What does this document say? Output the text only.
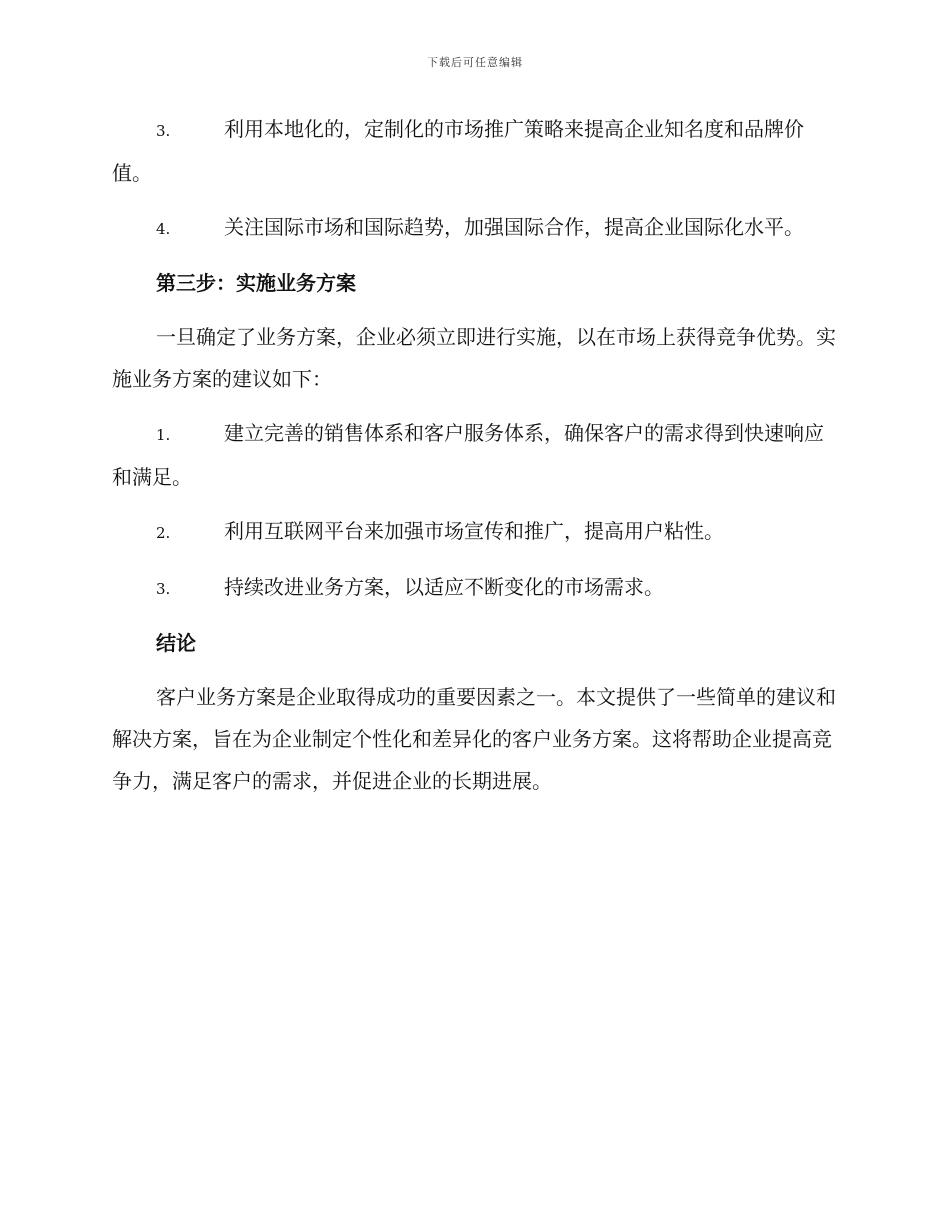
下载后可任意编辑

3.	利用本地化的，定制化的市场推广策略来提高企业知名度和品牌价值。

4.	关注国际市场和国际趋势，加强国际合作，提高企业国际化水平。

第三步：实施业务方案

一旦确定了业务方案，企业必须立即进行实施，以在市场上获得竞争优势。实施业务方案的建议如下：

1.	建立完善的销售体系和客户服务体系，确保客户的需求得到快速响应和满足。

2.	利用互联网平台来加强市场宣传和推广，提高用户粘性。

3.	持续改进业务方案，以适应不断变化的市场需求。

结论

客户业务方案是企业取得成功的重要因素之一。本文提供了一些简单的建议和解决方案，旨在为企业制定个性化和差异化的客户业务方案。这将帮助企业提高竞争力，满足客户的需求，并促进企业的长期进展。
